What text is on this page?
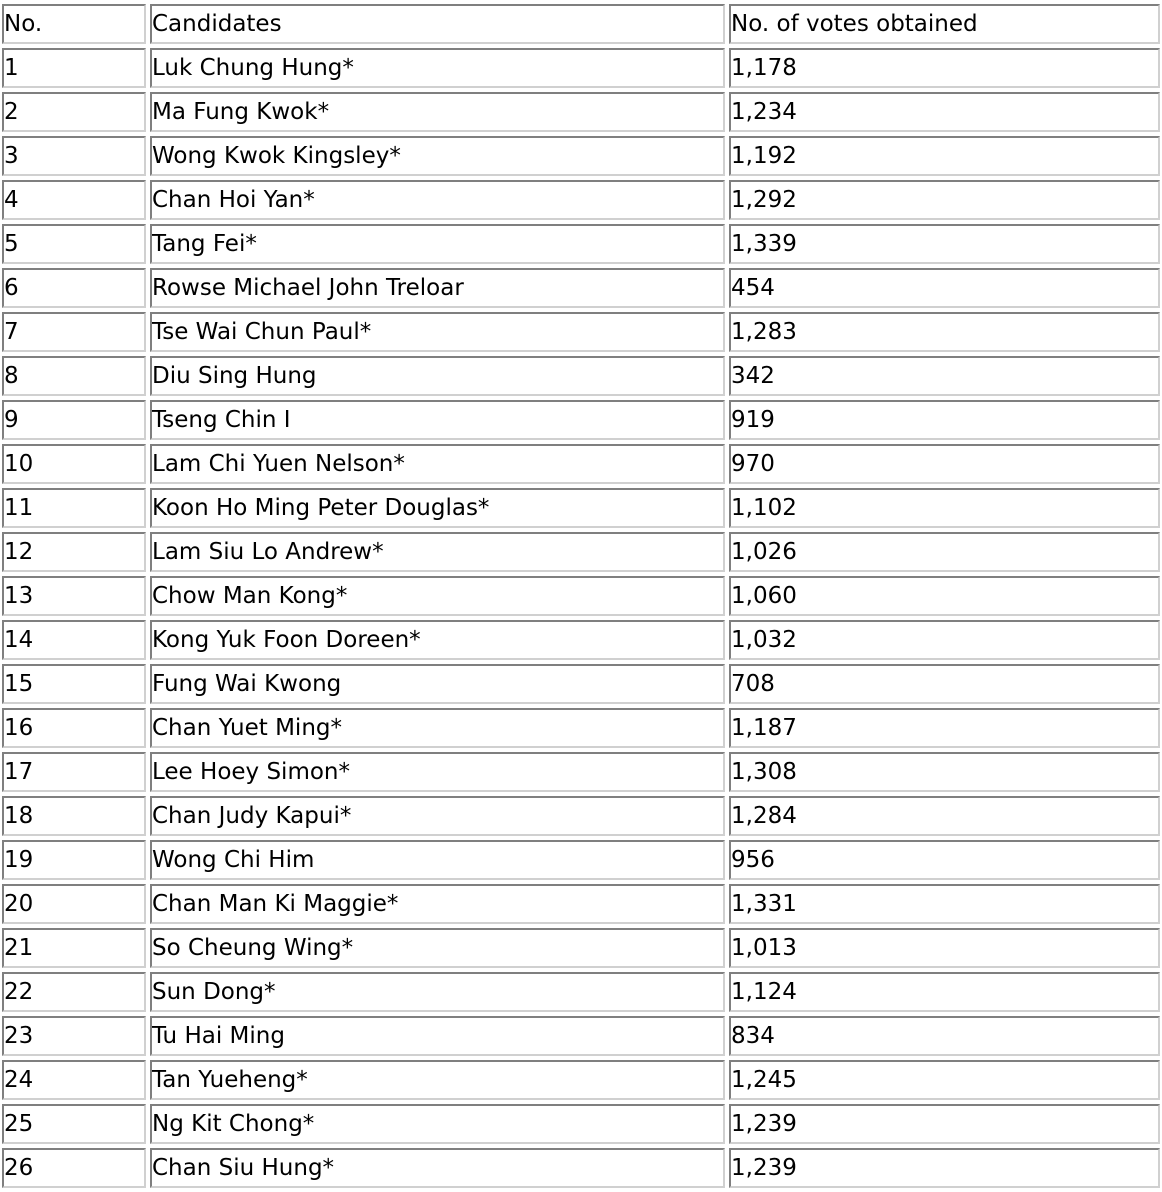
No.	Candidates	No. of votes obtained
1	Luk Chung Hung*	1,178
2	Ma Fung Kwok*	1,234
3	Wong Kwok Kingsley*	1,192
4	Chan Hoi Yan*	1,292
5	Tang Fei*	1,339
6	Rowse Michael John Treloar	454
7	Tse Wai Chun Paul*	1,283
8	Diu Sing Hung	342
9	Tseng Chin I	919
10	Lam Chi Yuen Nelson*	970
11	Koon Ho Ming Peter Douglas*	1,102
12	Lam Siu Lo Andrew*	1,026
13	Chow Man Kong*	1,060
14	Kong Yuk Foon Doreen*	1,032
15	Fung Wai Kwong	708
16	Chan Yuet Ming*	1,187
17	Lee Hoey Simon*	1,308
18	Chan Judy Kapui*	1,284
19	Wong Chi Him	956
20	Chan Man Ki Maggie*	1,331
21	So Cheung Wing*	1,013
22	Sun Dong*	1,124
23	Tu Hai Ming	834
24	Tan Yueheng*	1,245
25	Ng Kit Chong*	1,239
26	Chan Siu Hung*	1,239
